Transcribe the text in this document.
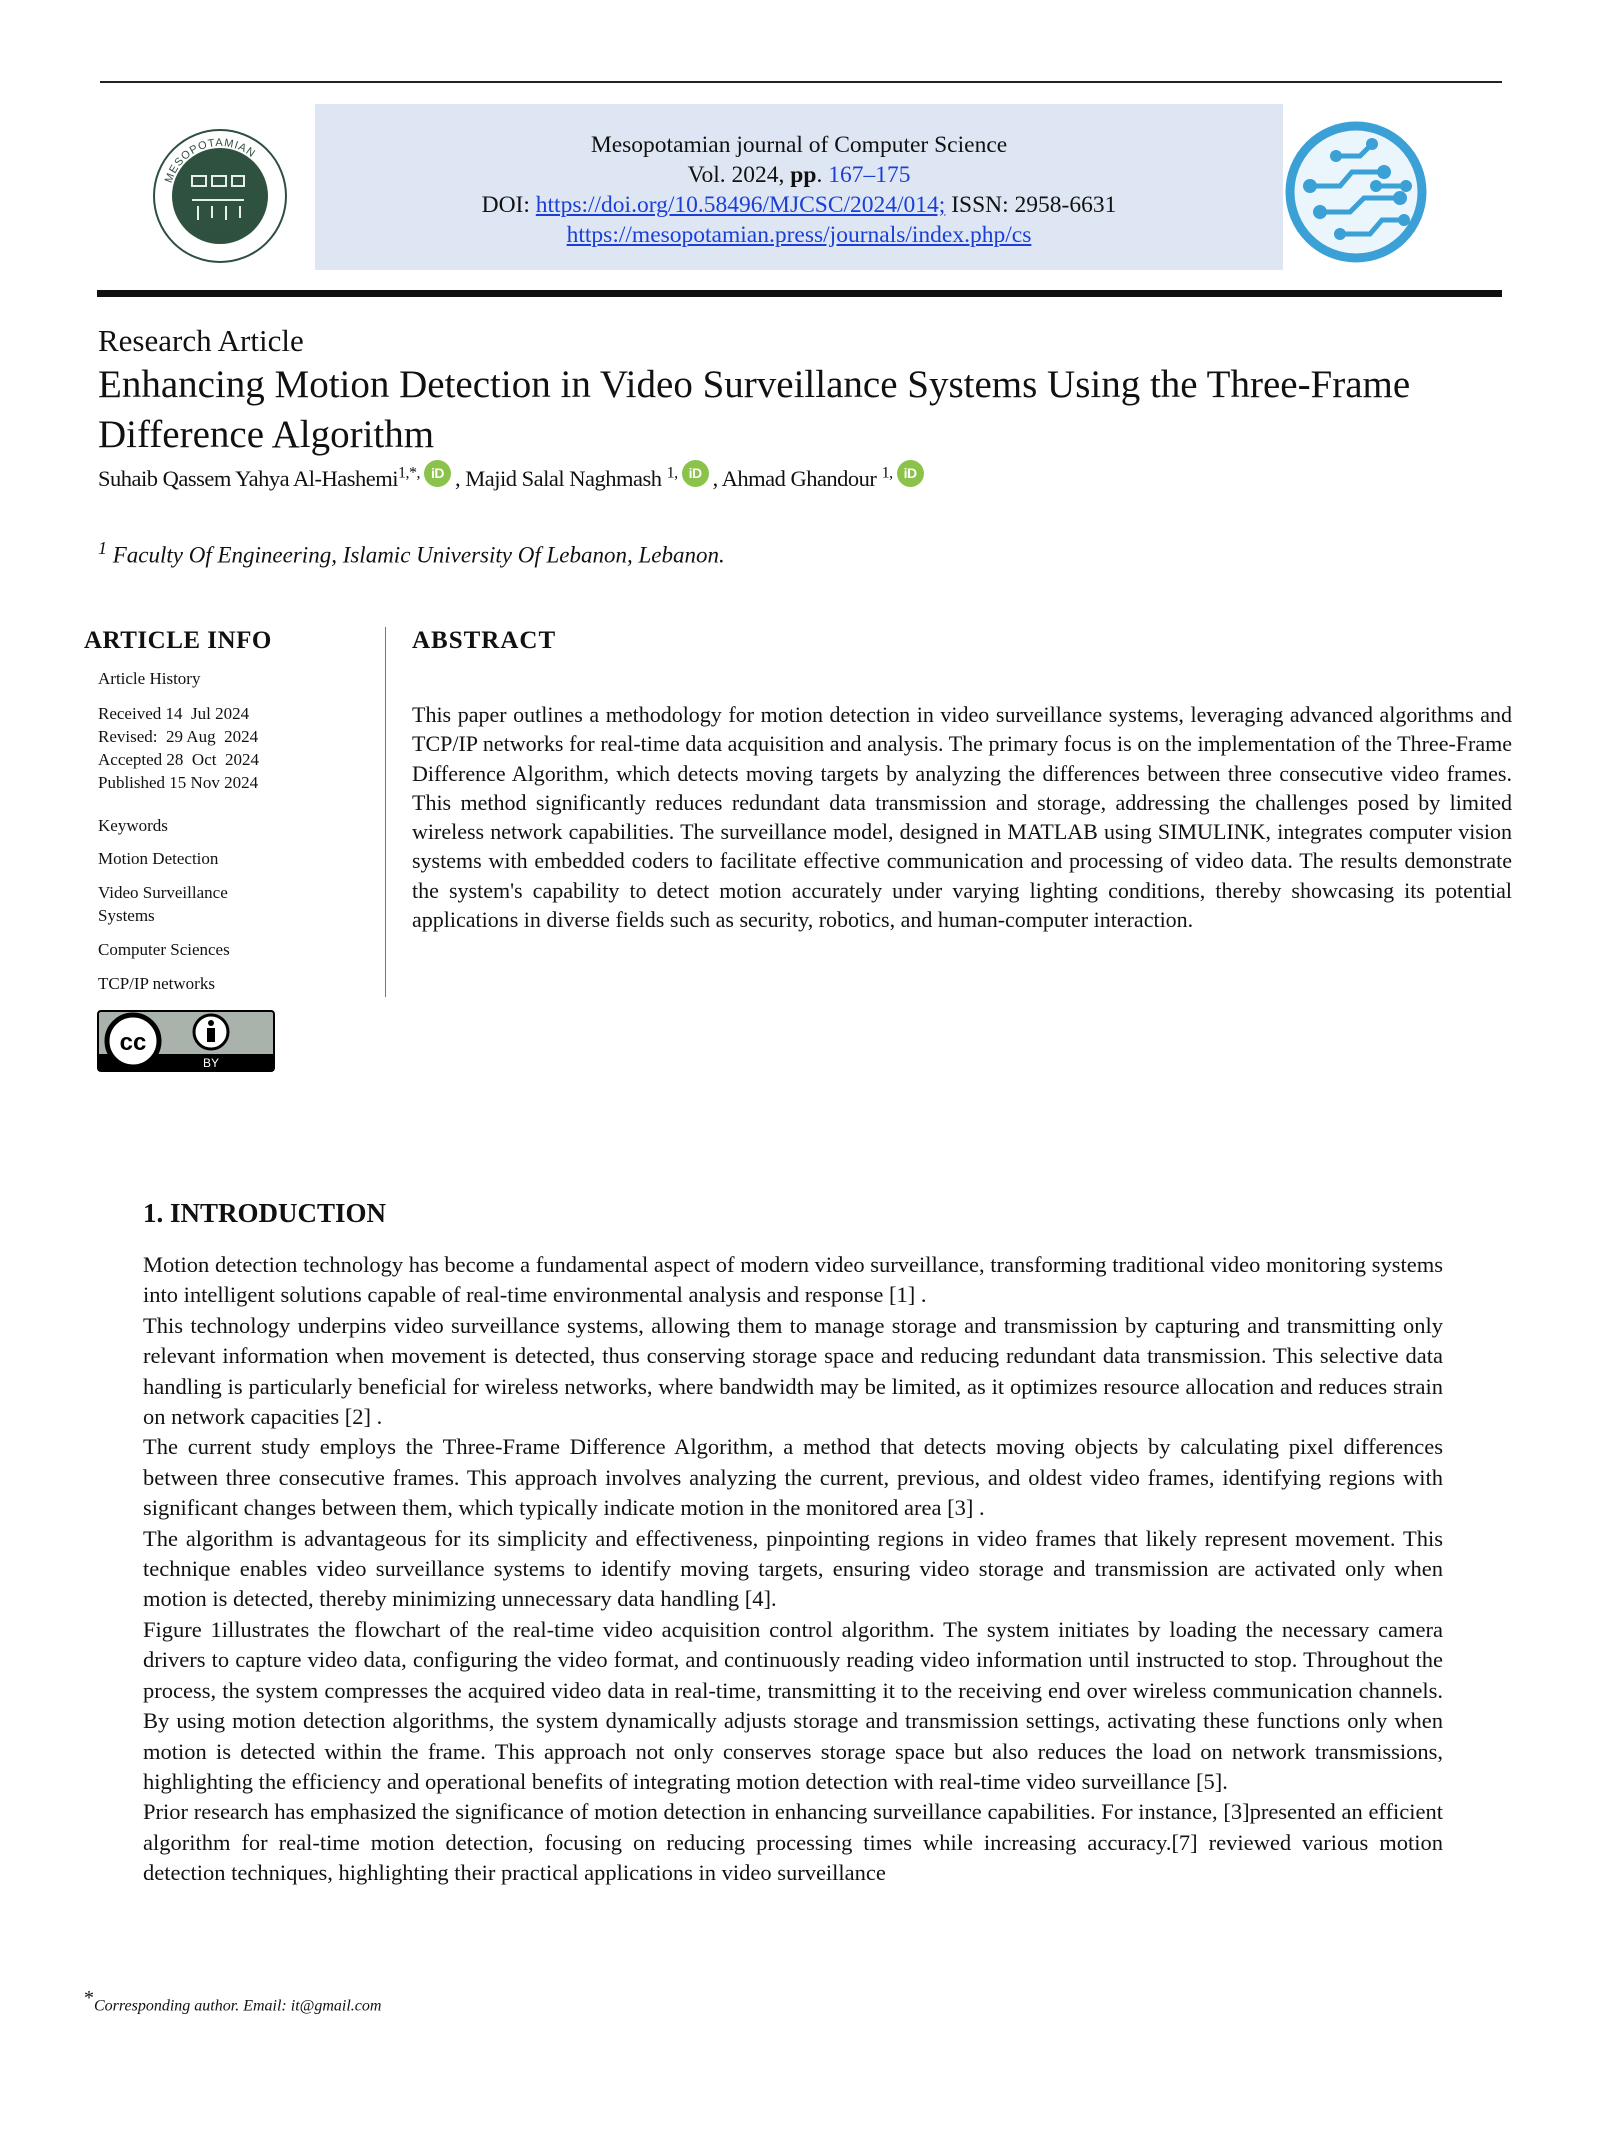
MESOPOTAMIAN
ACADEMIC PRESS
Mesopotamian journal of Computer Science
Vol. 2024, pp. 167–175
DOI: https://doi.org/10.58496/MJCSC/2024/014; ISSN: 2958-6631
https://mesopotamian.press/journals/index.php/cs
Research Article
Enhancing Motion Detection in Video Surveillance Systems Using the Three-Frame Difference Algorithm
Suhaib Qassem Yahya Al-Hashemi$^{1,*,}$ iD , Majid Salal Naghmash $^{1,}$ iD , Ahmad Ghandour $^{1,}$ iD
$^1$ Faculty Of Engineering, Islamic University Of Lebanon, Lebanon.
ARTICLE INFO
Article History
Received 14  Jul 2024
Revised:  29 Aug  2024
Accepted 28  Oct  2024
Published 15 Nov 2024
Keywords
Motion Detection
Video Surveillance Systems
Computer Sciences
TCP/IP networks
cc
BY
ABSTRACT
This paper outlines a methodology for motion detection in video surveillance systems, leveraging advanced algorithms and TCP/IP networks for real-time data acquisition and analysis. The primary focus is on the implementation of the Three-Frame Difference Algorithm, which detects moving targets by analyzing the differences between three consecutive video frames. This method significantly reduces redundant data transmission and storage, addressing the challenges posed by limited wireless network capabilities. The surveillance model, designed in MATLAB using SIMULINK, integrates computer vision systems with embedded coders to facilitate effective communication and processing of video data. The results demonstrate the system's capability to detect motion accurately under varying lighting conditions, thereby showcasing its potential applications in diverse fields such as security, robotics, and human-computer interaction.
1. INTRODUCTION

Motion detection technology has become a fundamental aspect of modern video surveillance, transforming traditional video monitoring systems into intelligent solutions capable of real-time environmental analysis and response [1] .

This technology underpins video surveillance systems, allowing them to manage storage and transmission by capturing and transmitting only relevant information when movement is detected, thus conserving storage space and reducing redundant data transmission. This selective data handling is particularly beneficial for wireless networks, where bandwidth may be limited, as it optimizes resource allocation and reduces strain on network capacities [2] .

The current study employs the Three-Frame Difference Algorithm, a method that detects moving objects by calculating pixel differences between three consecutive frames. This approach involves analyzing the current, previous, and oldest video frames, identifying regions with significant changes between them, which typically indicate motion in the monitored area [3] .

The algorithm is advantageous for its simplicity and effectiveness, pinpointing regions in video frames that likely represent movement. This technique enables video surveillance systems to identify moving targets, ensuring video storage and transmission are activated only when motion is detected, thereby minimizing unnecessary data handling [4].

Figure 1illustrates the flowchart of the real-time video acquisition control algorithm. The system initiates by loading the necessary camera drivers to capture video data, configuring the video format, and continuously reading video information until instructed to stop. Throughout the process, the system compresses the acquired video data in real-time, transmitting it to the receiving end over wireless communication channels. By using motion detection algorithms, the system dynamically adjusts storage and transmission settings, activating these functions only when motion is detected within the frame. This approach not only conserves storage space but also reduces the load on network transmissions, highlighting the efficiency and operational benefits of integrating motion detection with real-time video surveillance [5].

Prior research has emphasized the significance of motion detection in enhancing surveillance capabilities. For instance, [3]presented an efficient algorithm for real-time motion detection, focusing on reducing processing times while increasing accuracy.[7] reviewed various motion detection techniques, highlighting their practical applications in video surveillance

*Corresponding author. Email: it@gmail.com
